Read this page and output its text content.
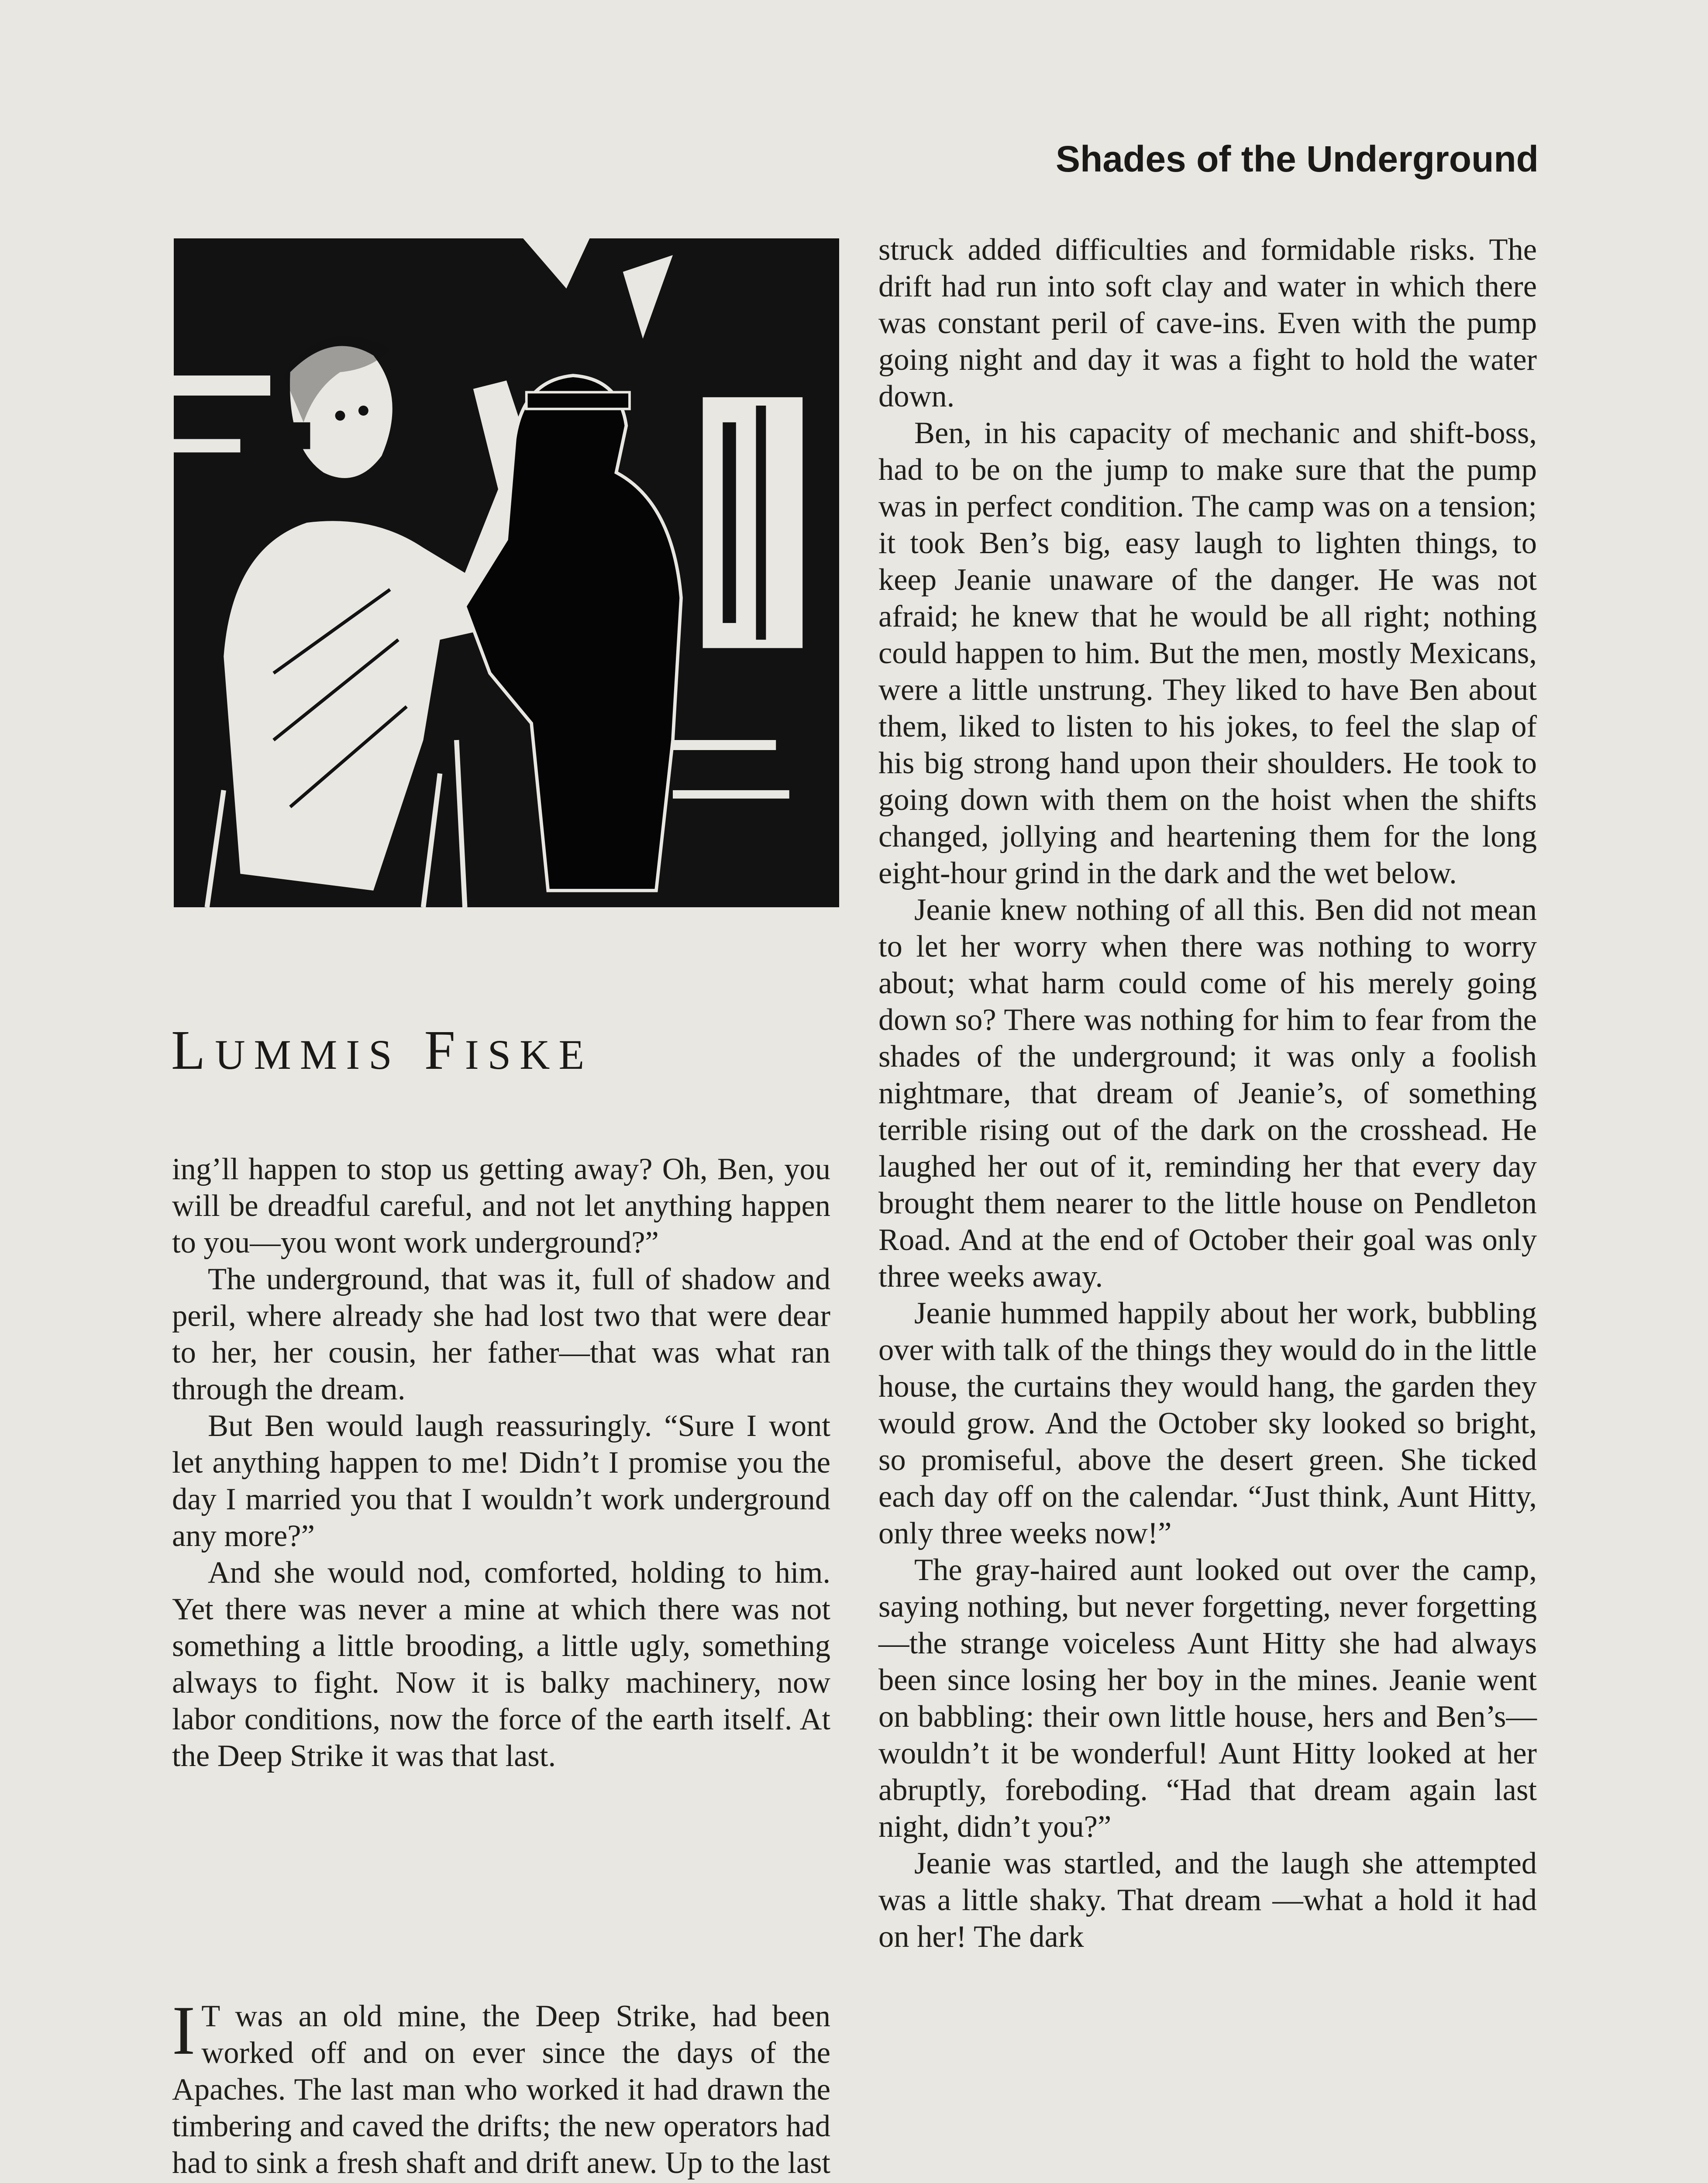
Shades of the Underground
LUMMIS FISKE

ing’ll happen to stop us getting away? Oh, Ben, you will be dreadful careful, and not let anything happen to you—you wont work underground?”

The underground, that was it, full of shadow and peril, where already she had lost two that were dear to her, her cousin, her father—that was what ran through the dream.

But Ben would laugh reassuringly. “Sure I wont let anything happen to me! Didn’t I promise you the day I married you that I wouldn’t work underground any more?”

And she would nod, comforted, holding to him. Yet there was never a mine at which there was not something a little brooding, a little ugly, something always to fight. Now it is balky machinery, now labor conditions, now the force of the earth itself. At the Deep Strike it was that last.

I T was an old mine, the Deep Strike, had been worked off and on ever since the days of the Apaches. The last man who worked it had drawn the timbering and caved the drifts; the new operators had had to sink a fresh shaft and drift anew. Up to the last

struck added difficulties and formidable risks. The drift had run into soft clay and water in which there was constant peril of cave-ins. Even with the pump going night and day it was a fight to hold the water down.

Ben, in his capacity of mechanic and shift-boss, had to be on the jump to make sure that the pump was in perfect condition. The camp was on a tension; it took Ben’s big, easy laugh to lighten things, to keep Jeanie unaware of the danger. He was not afraid; he knew that he would be all right; nothing could happen to him. But the men, mostly Mexicans, were a little unstrung. They liked to have Ben about them, liked to listen to his jokes, to feel the slap of his big strong hand upon their shoulders. He took to going down with them on the hoist when the shifts changed, jollying and heartening them for the long eight-hour grind in the dark and the wet below.

Jeanie knew nothing of all this. Ben did not mean to let her worry when there was nothing to worry about; what harm could come of his merely going down so? There was nothing for him to fear from the shades of the underground; it was only a foolish nightmare, that dream of Jeanie’s, of something terrible rising out of the dark on the crosshead. He laughed her out of it, reminding her that every day brought them nearer to the little house on Pendleton Road. And at the end of October their goal was only three weeks away.

Jeanie hummed happily about her work, bubbling over with talk of the things they would do in the little house, the curtains they would hang, the garden they would grow. And the October sky looked so bright, so promiseful, above the desert green. She ticked each day off on the calendar. “Just think, Aunt Hitty, only three weeks now!”

The gray-haired aunt looked out over the camp, saying nothing, but never forgetting, never forgetting—the strange voiceless Aunt Hitty she had always been since losing her boy in the mines. Jeanie went on babbling: their own little house, hers and Ben’s—wouldn’t it be wonderful! Aunt Hitty looked at her abruptly, foreboding. “Had that dream again last night, didn’t you?”

Jeanie was startled, and the laugh she attempted was a little shaky. That dream —what a hold it had on her! The dark
